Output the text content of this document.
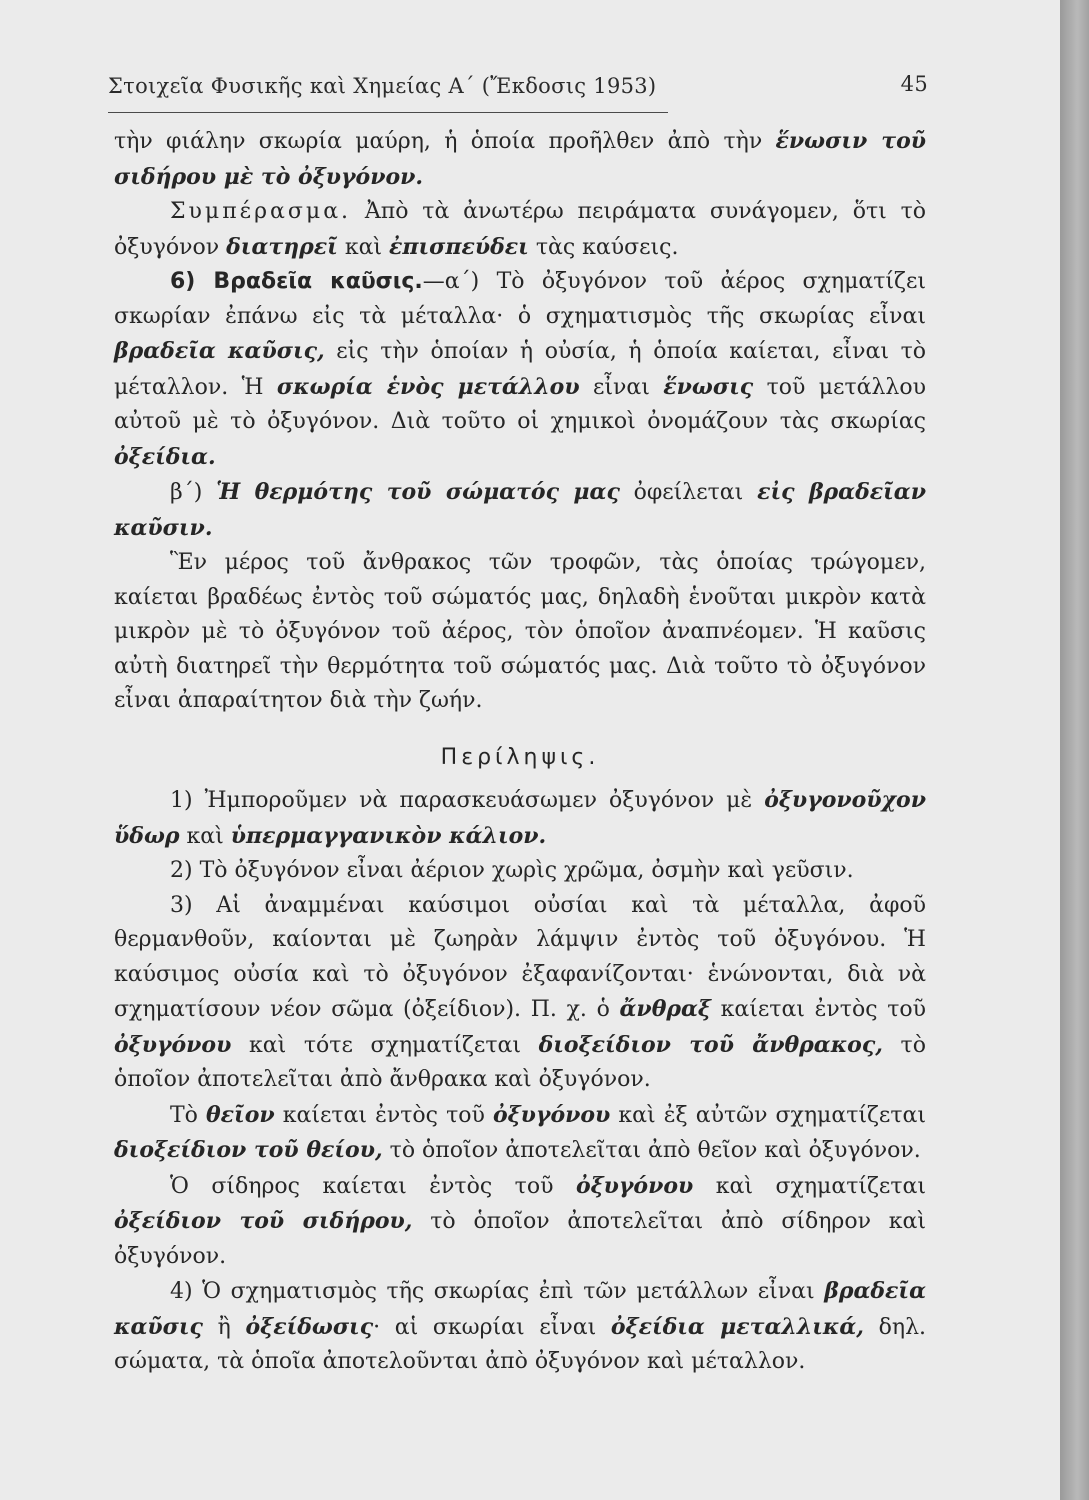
Στοιχεῖα Φυσικῆς καὶ Χημείας Α΄ (Ἔκδοσις 1953)	45

τὴν φιάλην σκωρία μαύρη, ἡ ὁποία προῆλθεν ἀπὸ τὴν ἕνωσιν τοῦ σιδήρου μὲ τὸ ὀξυγόνον.

Συμπέρασμα. Ἀπὸ τὰ ἀνωτέρω πειράματα συνάγομεν, ὅτι τὸ ὀξυγόνον διατηρεῖ καὶ ἐπισπεύδει τὰς καύσεις.

6) Βραδεῖα καῦσις.—α΄) Τὸ ὀξυγόνον τοῦ ἀέρος σχηματίζει σκωρίαν ἐπάνω εἰς τὰ μέταλλα· ὁ σχηματισμὸς τῆς σκωρίας εἶναι βραδεῖα καῦσις, εἰς τὴν ὁποίαν ἡ οὐσία, ἡ ὁποία καίεται, εἶναι τὸ μέταλλον. Ἡ σκωρία ἑνὸς μετάλλου εἶναι ἕνωσις τοῦ μετάλλου αὐτοῦ μὲ τὸ ὀξυγόνον. Διὰ τοῦτο οἱ χημικοὶ ὀνομάζουν τὰς σκωρίας ὀξείδια.

β΄) Ἡ θερμότης τοῦ σώματός μας ὀφείλεται εἰς βραδεῖαν καῦσιν.

Ἓν μέρος τοῦ ἄνθρακος τῶν τροφῶν, τὰς ὁποίας τρώγομεν, καίεται βραδέως ἐντὸς τοῦ σώματός μας, δηλαδὴ ἑνοῦται μικρὸν κατὰ μικρὸν μὲ τὸ ὀξυγόνον τοῦ ἀέρος, τὸν ὁποῖον ἀναπνέομεν. Ἡ καῦσις αὐτὴ διατηρεῖ τὴν θερμότητα τοῦ σώματός μας. Διὰ τοῦτο τὸ ὀξυγόνον εἶναι ἀπαραίτητον διὰ τὴν ζωήν.

Περίληψις.

1) Ἠμποροῦμεν νὰ παρασκευάσωμεν ὀξυγόνον μὲ ὀξυγονοῦχον ὕδωρ καὶ ὑπερμαγγανικὸν κάλιον.

2) Τὸ ὀξυγόνον εἶναι ἀέριον χωρὶς χρῶμα, ὀσμὴν καὶ γεῦσιν.

3) Αἱ ἀναμμέναι καύσιμοι οὐσίαι καὶ τὰ μέταλλα, ἀφοῦ θερμανθοῦν, καίονται μὲ ζωηρὰν λάμψιν ἐντὸς τοῦ ὀξυγόνου. Ἡ καύσιμος οὐσία καὶ τὸ ὀξυγόνον ἐξαφανίζονται· ἑνώνονται, διὰ νὰ σχηματίσουν νέον σῶμα (ὀξείδιον). Π. χ. ὁ ἄνθραξ καίεται ἐντὸς τοῦ ὀξυγόνου καὶ τότε σχηματίζεται διοξείδιον τοῦ ἄνθρακος, τὸ ὁποῖον ἀποτελεῖται ἀπὸ ἄνθρακα καὶ ὀξυγόνον.

Τὸ θεῖον καίεται ἐντὸς τοῦ ὀξυγόνου καὶ ἐξ αὐτῶν σχηματίζεται διοξείδιον τοῦ θείου, τὸ ὁποῖον ἀποτελεῖται ἀπὸ θεῖον καὶ ὀξυγόνον.

Ὁ σίδηρος καίεται ἐντὸς τοῦ ὀξυγόνου καὶ σχηματίζεται ὀξείδιον τοῦ σιδήρου, τὸ ὁποῖον ἀποτελεῖται ἀπὸ σίδηρον καὶ ὀξυγόνον.

4) Ὁ σχηματισμὸς τῆς σκωρίας ἐπὶ τῶν μετάλλων εἶναι βραδεῖα καῦσις ἢ ὀξείδωσις· αἱ σκωρίαι εἶναι ὀξείδια μεταλλικά, δηλ. σώματα, τὰ ὁποῖα ἀποτελοῦνται ἀπὸ ὀξυγόνον καὶ μέταλλον.
